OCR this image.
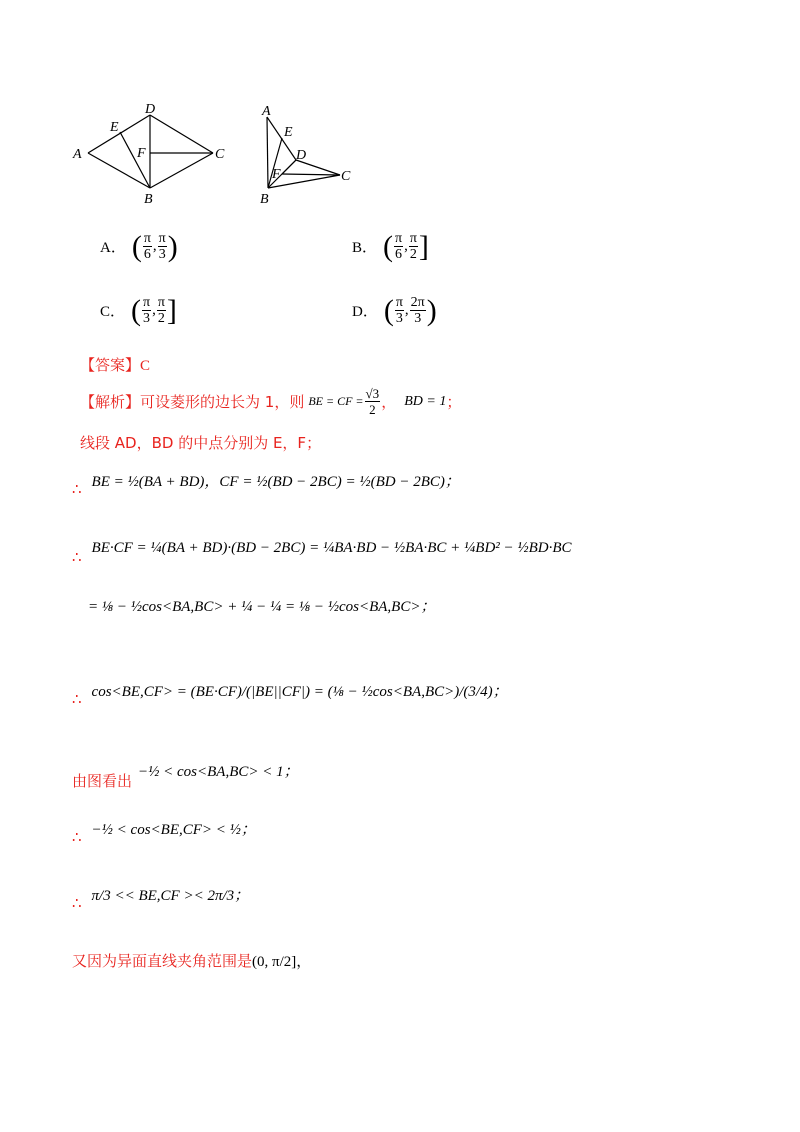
D
E
A	F	C
B
A
E
D
F	C
B
A． ( $\frac{\pi}{6}$ , $\frac{\pi}{3}$ )	B． ( $\frac{\pi}{6}$ , $\frac{\pi}{2}$ ]
C． ( $\frac{\pi}{3}$ , $\frac{\pi}{2}$ ]	D． ( $\frac{\pi}{3}$ , $\frac{2\pi}{3}$ )
【答案】C
【解析】 可设菱形的边长为 1，则 BE = CF = $\frac{√3}{2}$ ， BD = 1 ；
线段 AD，BD 的中点分别为 E，F；
∴ BE = ½(BA + BD)，CF = ½(BD − 2BC) = ½(BD − 2BC)；
∴
BE·CF = ¼(BA + BD)·(BD − 2BC) = ¼BA·BD − ½BA·BC + ¼BD² − ½BD·BC
= ⅛ − ½cos<BA,BC> + ¼ − ¼ = ⅛ − ½cos<BA,BC>；
∴ cos<BE,CF> = (BE·CF)/(|BE||CF|) = (⅛ − ½cos<BA,BC>)/(3/4)；
由图看出 −½ < cos<BA,BC> < 1；
∴ −½ < cos<BE,CF> < ½；
∴ π/3 << BE,CF >< 2π/3；
又因为异面直线夹角范围是 (0, π/2]，
